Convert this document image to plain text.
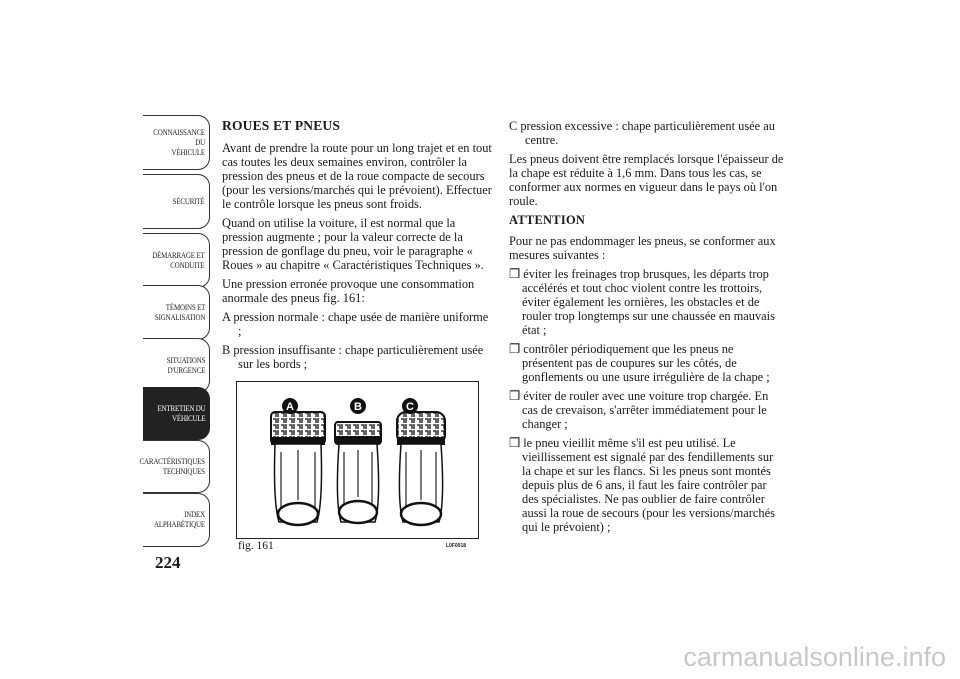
CONNAISSANCE DU
VÉHICULE
SÉCURITÉ
DÉMARRAGE ET
CONDUITE
TÉMOINS ET
SIGNALISATION
SITUATIONS
D'URGENCE
ENTRETIEN DU
VÉHICULE
CARACTÉRISTIQUES
TECHNIQUES
INDEX
ALPHABÉTIQUE
224
ROUES ET PNEUS

Avant de prendre la route pour un long trajet et en tout cas toutes les deux semaines environ, contrôler la pression des pneus et de la roue compacte de secours (pour les versions/marchés qui le prévoient). Effectuer le contrôle lorsque les pneus sont froids.

Quand on utilise la voiture, il est normal que la pression augmente ; pour la valeur correcte de la pression de gonflage du pneu, voir le paragraphe « Roues » au chapitre « Caractéristiques Techniques ».

Une pression erronée provoque une consommation anormale des pneus fig. 161:

A pression normale : chape usée de manière uniforme ;

B pression insuffisante : chape particulièrement usée sur les bords ;

A	B	C
fig. 161	L0F0018

C pression excessive : chape particulièrement usée au centre.

Les pneus doivent être remplacés lorsque l'épaisseur de la chape est réduite à 1,6 mm. Dans tous les cas, se conformer aux normes en vigueur dans le pays où l'on roule.

ATTENTION

Pour ne pas endommager les pneus, se conformer aux mesures suivantes :

❒ éviter les freinages trop brusques, les départs trop accélérés et tout choc violent contre les trottoirs, éviter également les ornières, les obstacles et de rouler trop longtemps sur une chaussée en mauvais état ;

❒ contrôler périodiquement que les pneus ne présentent pas de coupures sur les côtés, de gonflements ou une usure irrégulière de la chape ;

❒ éviter de rouler avec une voiture trop chargée. En cas de crevaison, s'arrêter immédiatement pour le changer ;

❒ le pneu vieillit même s'il est peu utilisé. Le vieillissement est signalé par des fendillements sur la chape et sur les flancs. Si les pneus sont montés depuis plus de 6 ans, il faut les faire contrôler par des spécialistes. Ne pas oublier de faire contrôler aussi la roue de secours (pour les versions/marchés qui le prévoient) ;

carmanualsonline.info
